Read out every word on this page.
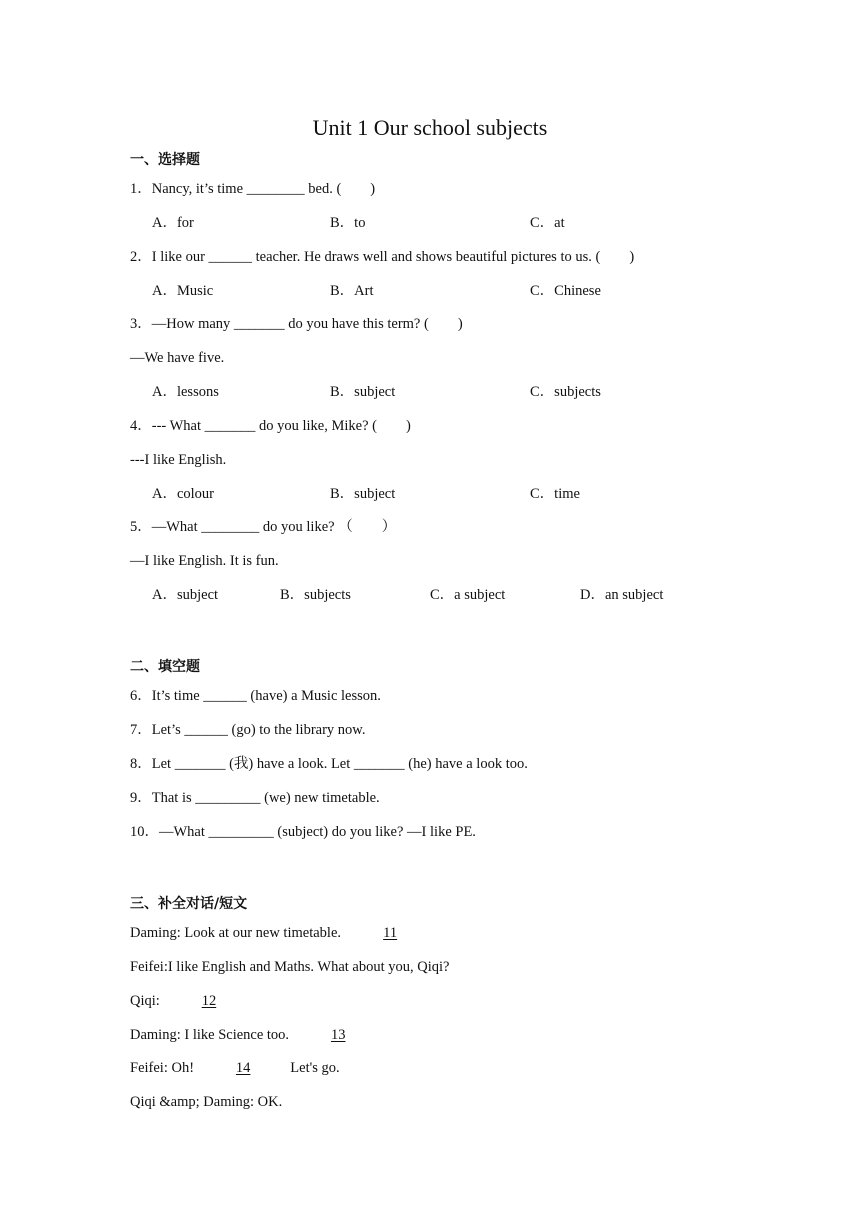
Unit 1 Our school subjects
一、选择题
1．Nancy, it’s time ________ bed. (　　)
A．for	B．to	C．at
2．I like our ______ teacher. He draws well and shows beautiful pictures to us. (　　)
A．Music	B．Art	C．Chinese
3．—How many _______ do you have this term? (　　)
—We have five.
A．lessons	B．subject	C．subjects
4．--- What _______ do you like, Mike? (　　)
---I like English.
A．colour	B．subject	C．time
5．—What ________ do you like? （　　）
—I like English. It is fun.
A．subject	B．subjects	C．a subject	D．an subject
二、填空题
6．It’s time ______ (have) a Music lesson.
7．Let’s ______ (go) to the library now.
8．Let _______ (我) have a look. Let _______ (he) have a look too.
9．That is _________ (we) new timetable.
10．—What _________ (subject) do you like? —I like PE.
三、补全对话/短文
Daming: Look at our new timetable.	11
Feifei:I like English and Maths. What about you, Qiqi?
Qiqi:	12
Daming: I like Science too.	13
Feifei: Oh!	14	Let's go.
Qiqi &amp; Daming: OK.
